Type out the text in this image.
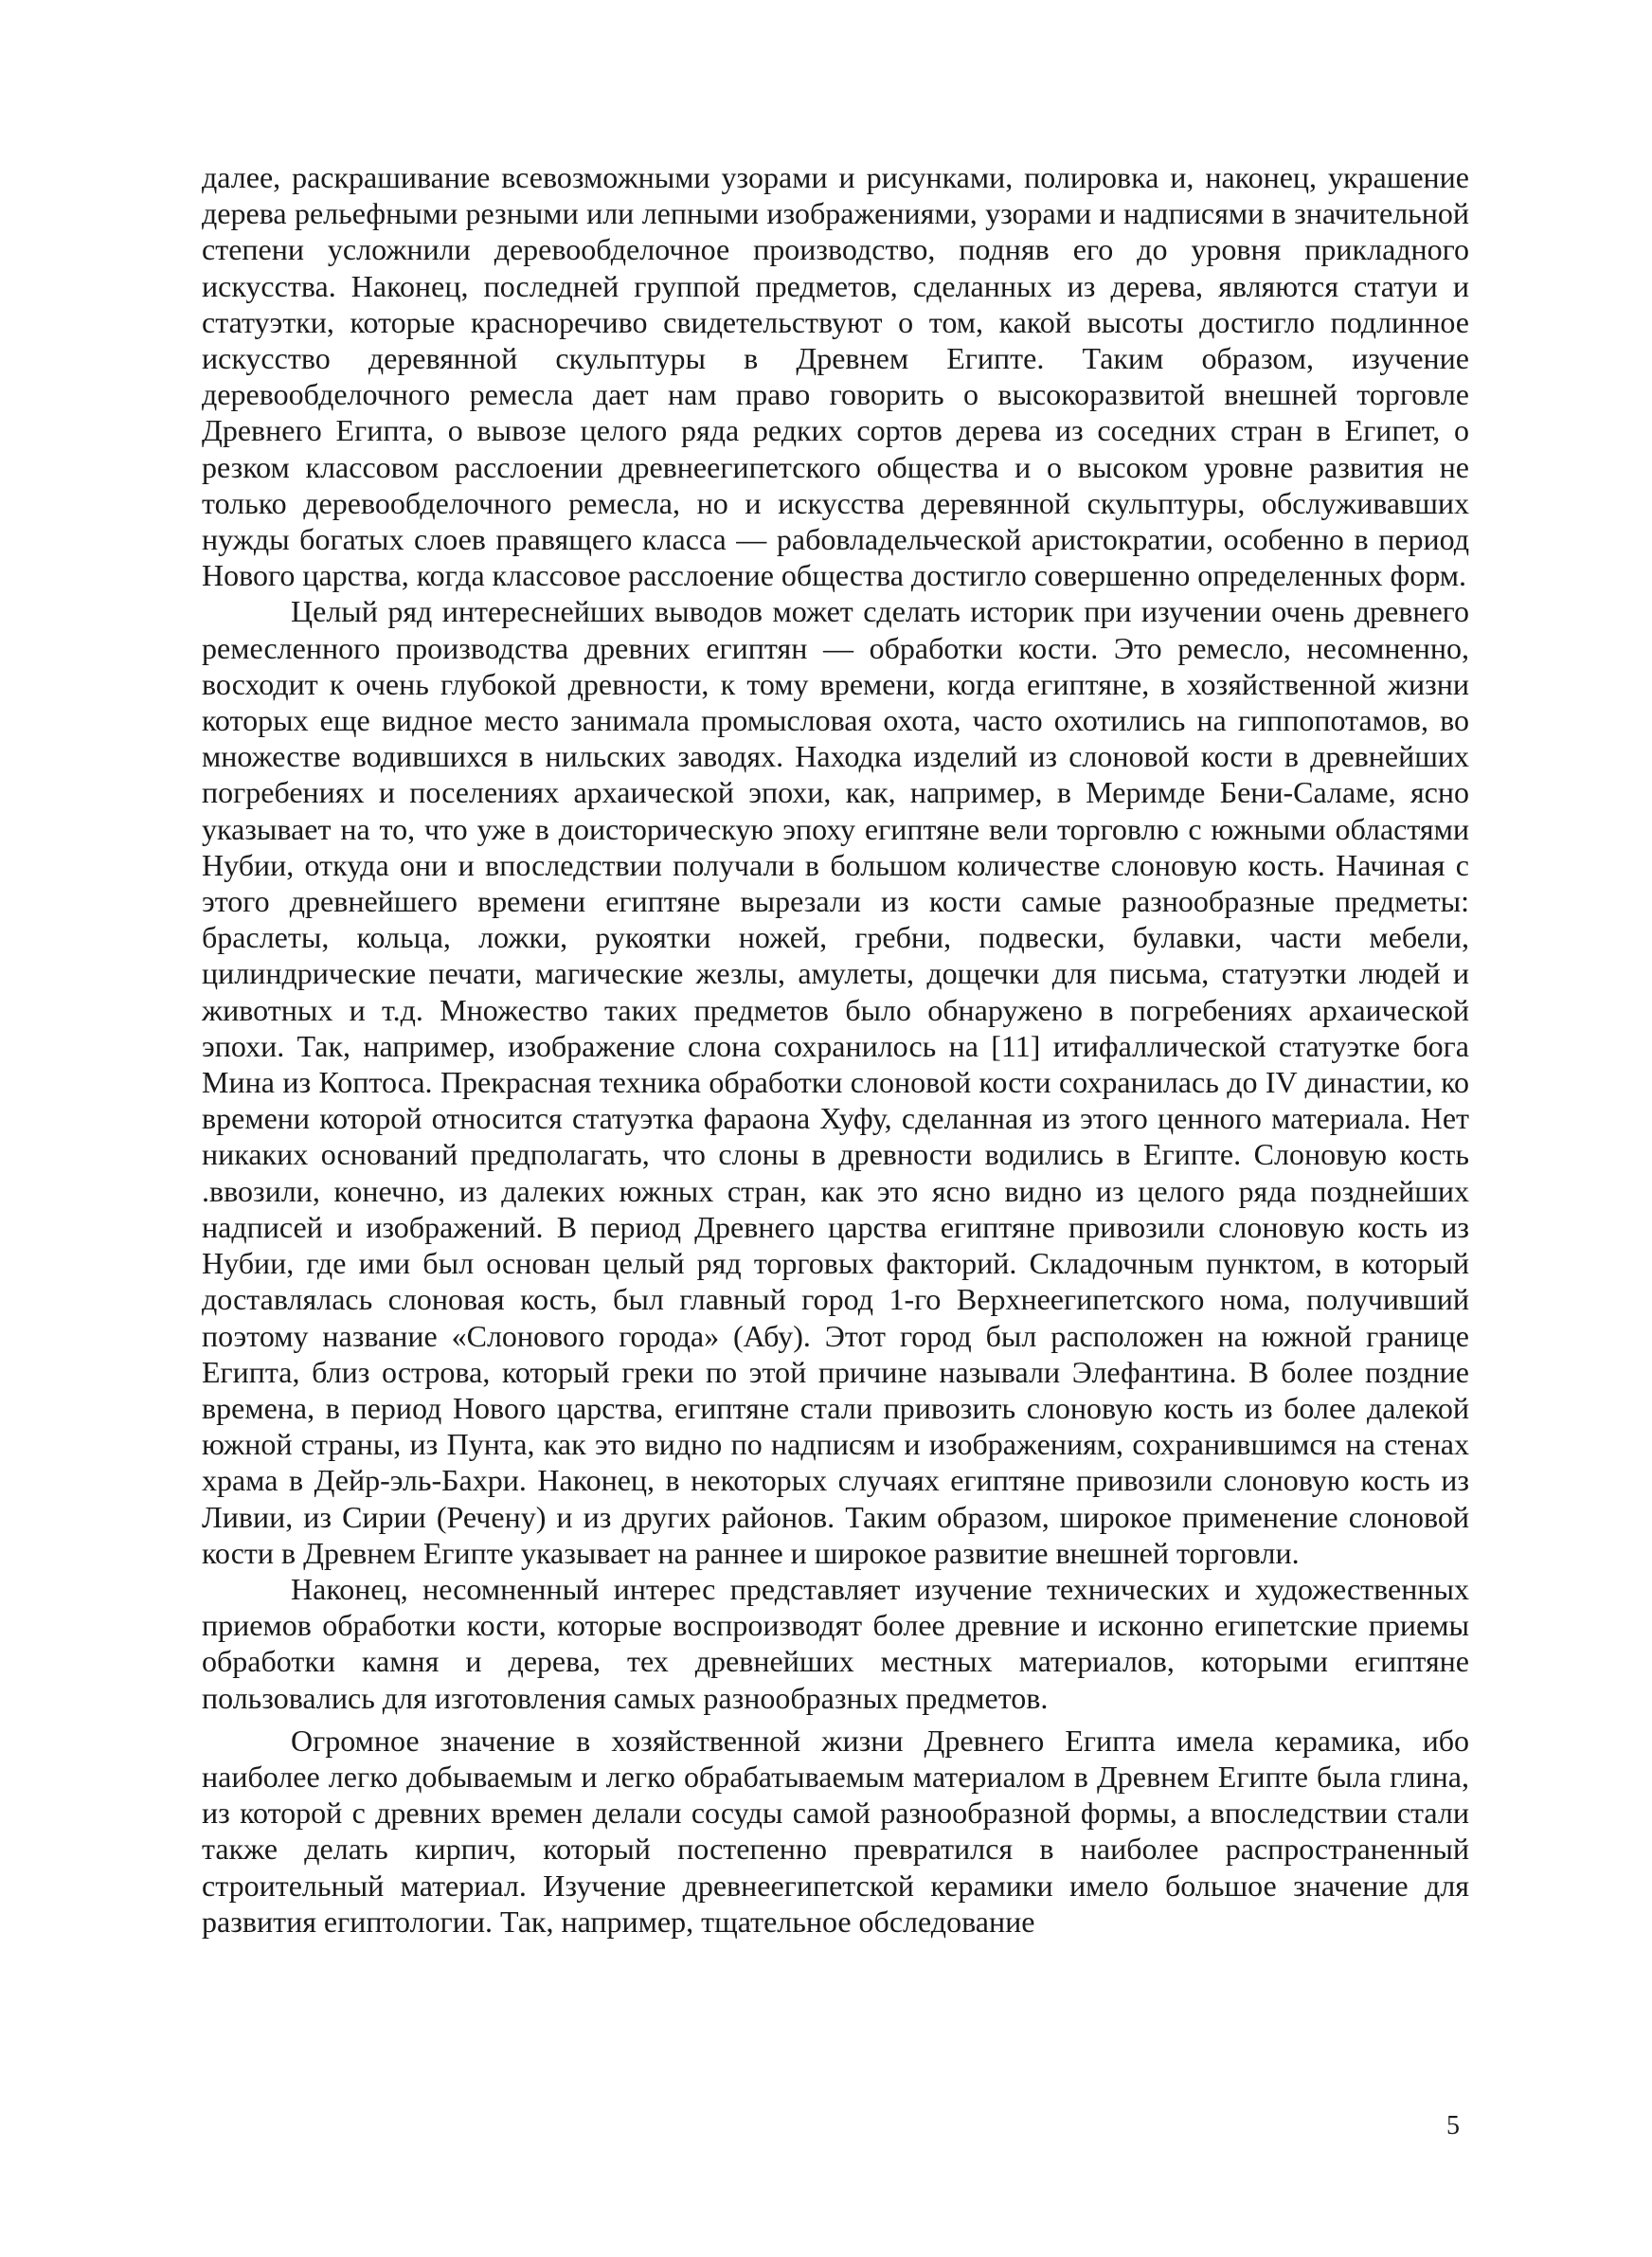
далее, раскрашивание всевозможными узорами и рисунками, полировка и, наконец, украшение дерева рельефными резными или лепными изображениями, узорами и надписями в значительной степени усложнили деревообделочное производство, подняв его до уровня прикладного искусства. Наконец, последней группой предметов, сделанных из дерева, являются статуи и статуэтки, которые красноречиво свидетельствуют о том, какой высоты достигло подлинное искусство деревянной скульптуры в Древнем Египте. Таким образом, изучение деревообделочного ремесла дает нам право говорить о высокоразвитой внешней торговле Древнего Египта, о вывозе целого ряда редких сортов дерева из соседних стран в Египет, о резком классовом расслоении древнеегипетского общества и о высоком уровне развития не только деревообделочного ремесла, но и искусства деревянной скульптуры, обслуживавших нужды богатых слоев правящего класса — рабовладельческой аристократии, особенно в период Нового царства, когда классовое расслоение общества достигло совершенно определенных форм.

Целый ряд интереснейших выводов может сделать историк при изучении очень древнего ремесленного производства древних египтян — обработки кости. Это ремесло, несомненно, восходит к очень глубокой древности, к тому времени, когда египтяне, в хозяйственной жизни которых еще видное место занимала промысловая охота, часто охотились на гиппопотамов, во множестве водившихся в нильских заводях. Находка изделий из слоновой кости в древнейших погребениях и поселениях архаической эпохи, как, например, в Меримде Бени-Саламе, ясно указывает на то, что уже в доисторическую эпоху египтяне вели торговлю с южными областями Нубии, откуда они и впоследствии получали в большом количестве слоновую кость. Начиная с этого древнейшего времени египтяне вырезали из кости самые разнообразные предметы: браслеты, кольца, ложки, рукоятки ножей, гребни, подвески, булавки, части мебели, цилиндрические печати, магические жезлы, амулеты, дощечки для письма, статуэтки людей и животных и т.д. Множество таких предметов было обнаружено в погребениях архаической эпохи. Так, например, изображение слона сохранилось на [11] итифаллической статуэтке бога Мина из Коптоса. Прекрасная техника обработки слоновой кости сохранилась до IV династии, ко времени которой относится статуэтка фараона Хуфу, сделанная из этого ценного материала. Нет никаких оснований предполагать, что слоны в древности водились в Египте. Слоновую кость .ввозили, конечно, из далеких южных стран, как это ясно видно из целого ряда позднейших надписей и изображений. В период Древнего царства египтяне привозили слоновую кость из Нубии, где ими был основан целый ряд торговых факторий. Складочным пунктом, в который доставлялась слоновая кость, был главный город 1-го Верхнеегипетского нома, получивший поэтому название «Слонового города» (Абу). Этот город был расположен на южной границе Египта, близ острова, который греки по этой причине называли Элефантина. В более поздние времена, в период Нового царства, египтяне стали привозить слоновую кость из более далекой южной страны, из Пунта, как это видно по надписям и изображениям, сохранившимся на стенах храма в Дейр-эль-Бахри. Наконец, в некоторых случаях египтяне привозили слоновую кость из Ливии, из Сирии (Речену) и из других районов. Таким образом, широкое применение слоновой кости в Древнем Египте указывает на раннее и широкое развитие внешней торговли.

Наконец, несомненный интерес представляет изучение технических и художественных приемов обработки кости, которые воспроизводят более древние и исконно египетские приемы обработки камня и дерева, тех древнейших местных материалов, которыми египтяне пользовались для изготовления самых разнообразных предметов.

Огромное значение в хозяйственной жизни Древнего Египта имела керамика, ибо наиболее легко добываемым и легко обрабатываемым материалом в Древнем Египте была глина, из которой с древних времен делали сосуды самой разнообразной формы, а впоследствии стали также делать кирпич, который постепенно превратился в наиболее распространенный строительный материал. Изучение древнеегипетской керамики имело большое значение для развития египтологии. Так, например, тщательное обследование

5
